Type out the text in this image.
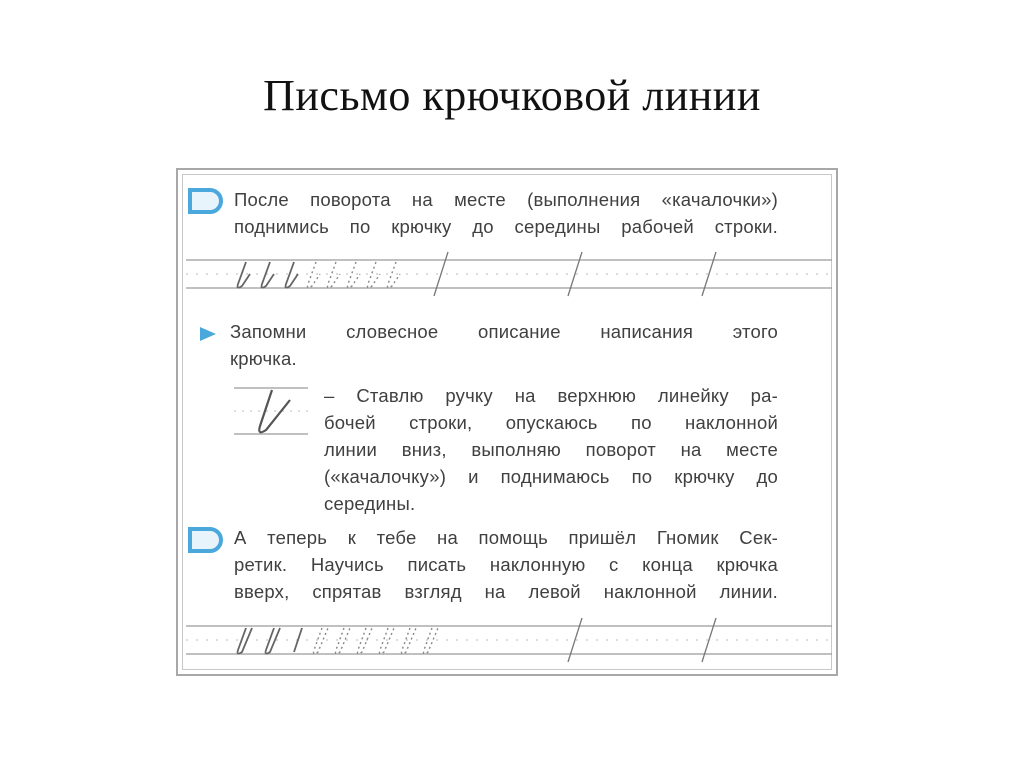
Письмо крючковой линии
После поворота на месте (выполнения «качалочки»)
поднимись по крючку до середины рабочей строки.
Запомни словесное описание написания этого
крючка.
– Ставлю ручку на верхнюю линейку ра-
бочей строки, опускаюсь по наклонной
линии вниз, выполняю поворот на месте
(«качалочку») и поднимаюсь по крючку до
середины.
А теперь к тебе на помощь пришёл Гномик Сек-
ретик. Научись писать наклонную с конца крючка
вверх, спрятав взгляд на левой наклонной линии.
